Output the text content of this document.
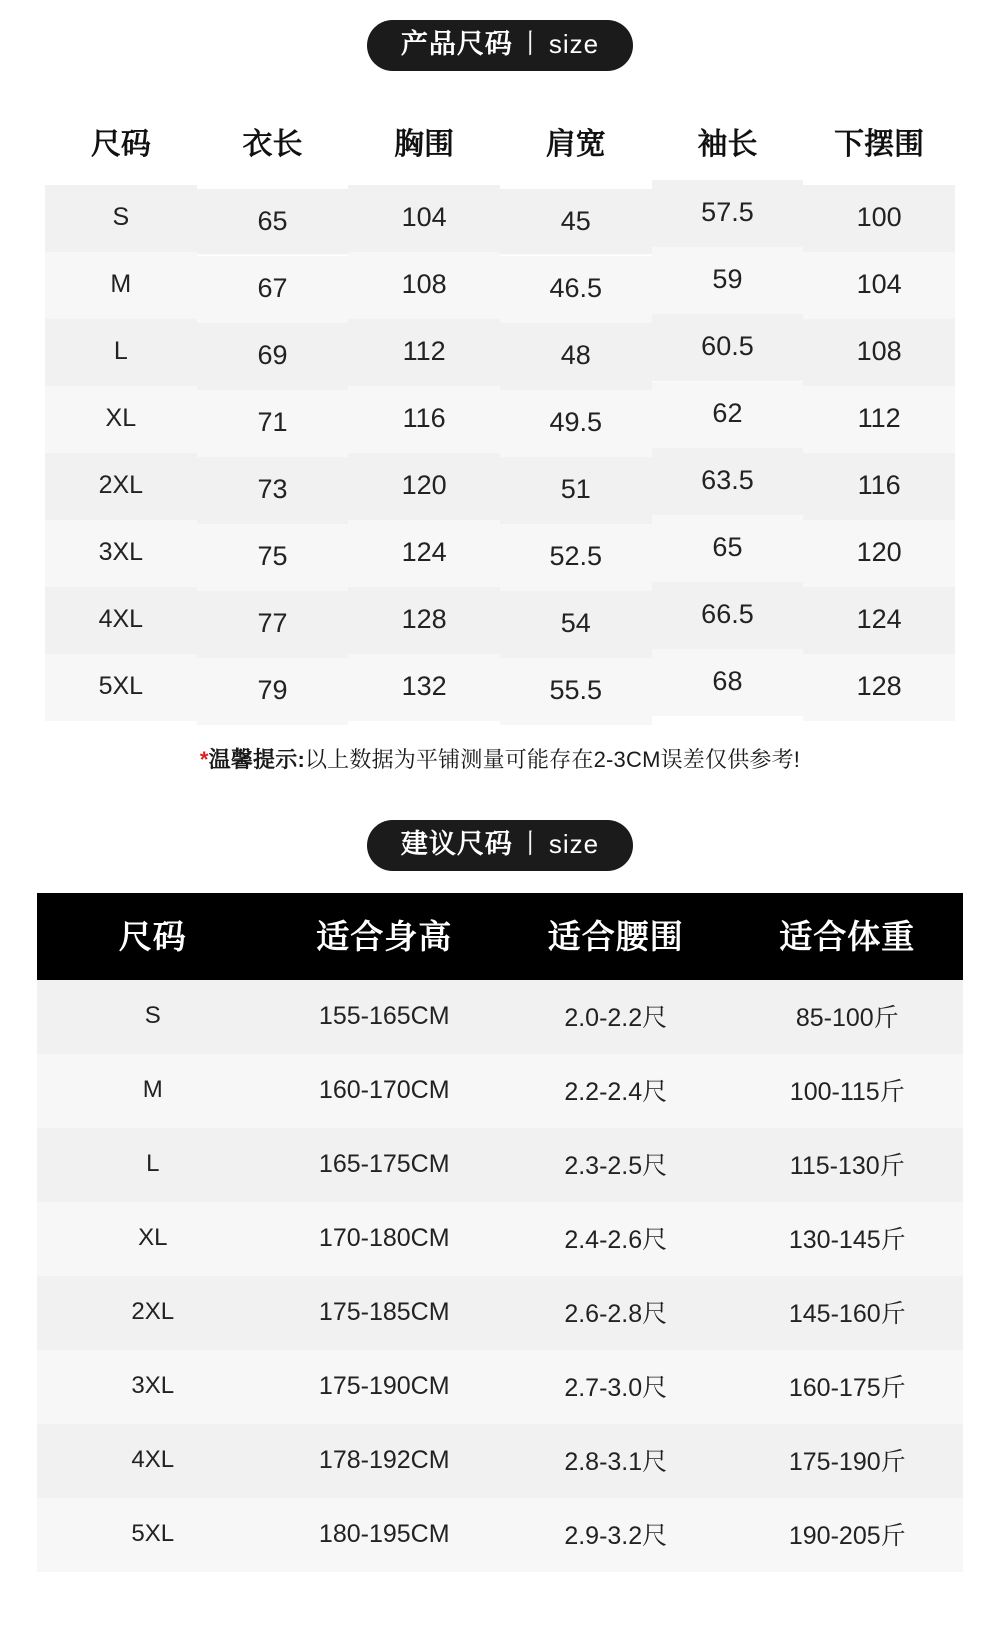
产品尺码 丨 size
尺码	衣长	胸围	肩宽	袖长	下摆围
S	65	104	45	57.5	100
M	67	108	46.5	59	104
L	69	112	48	60.5	108
XL	71	116	49.5	62	112
2XL	73	120	51	63.5	116
3XL	75	124	52.5	65	120
4XL	77	128	54	66.5	124
5XL	79	132	55.5	68	128

*温馨提示:以上数据为平铺测量可能存在2-3CM误差仅供参考!

建议尺码 丨 size
尺码	适合身高	适合腰围	适合体重
S	155-165CM	2.0-2.2尺	85-100斤
M	160-170CM	2.2-2.4尺	100-115斤
L	165-175CM	2.3-2.5尺	115-130斤
XL	170-180CM	2.4-2.6尺	130-145斤
2XL	175-185CM	2.6-2.8尺	145-160斤
3XL	175-190CM	2.7-3.0尺	160-175斤
4XL	178-192CM	2.8-3.1尺	175-190斤
5XL	180-195CM	2.9-3.2尺	190-205斤
